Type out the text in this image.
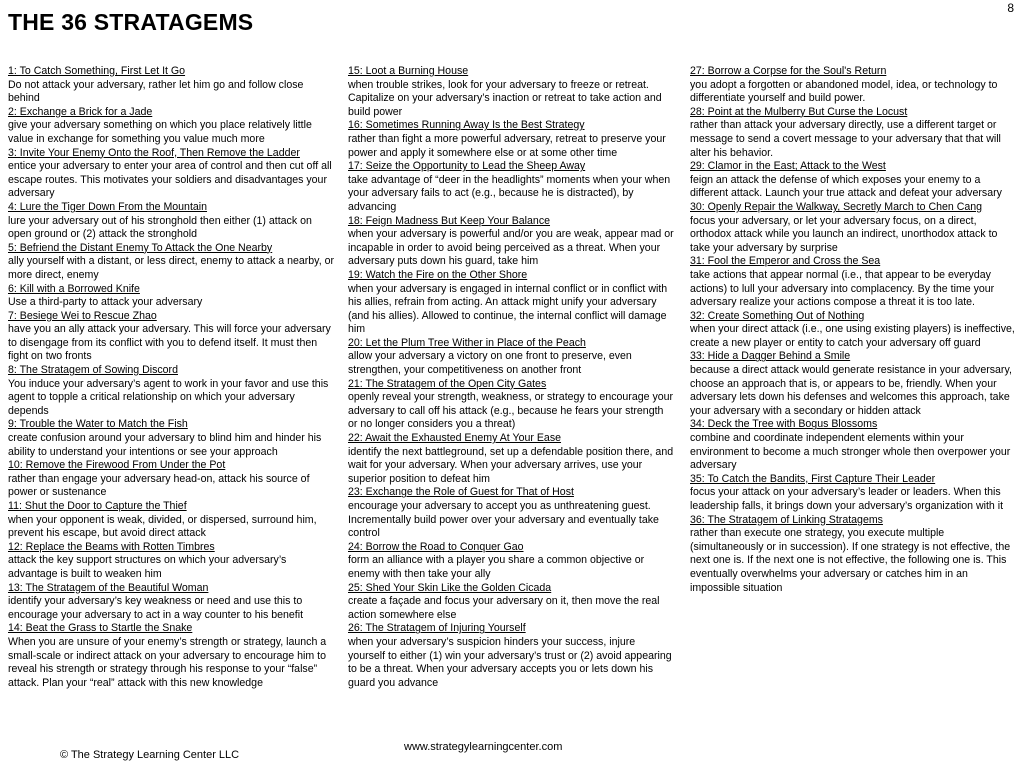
THE 36 STRATAGEMS
8
1: To Catch Something, First Let It Go
Do not attack your adversary, rather let him go and follow close behind
2: Exchange a Brick for a Jade
give your adversary something on which you place relatively little value in exchange for something you value much more
3: Invite Your Enemy Onto the Roof, Then Remove the Ladder
entice your adversary to enter your area of control and then cut off all escape routes. This motivates your soldiers and disadvantages your adversary
4: Lure the Tiger Down From the Mountain
lure your adversary out of his stronghold then either (1) attack on open ground or (2) attack the stronghold
5: Befriend the Distant Enemy To Attack the One Nearby
ally yourself with a distant, or less direct, enemy to attack a nearby, or more direct, enemy
6: Kill with a Borrowed Knife
Use a third-party to attack your adversary
7: Besiege Wei to Rescue Zhao
have you an ally attack your adversary. This will force your adversary to disengage from its conflict with you to defend itself. It must then fight on two fronts
8: The Stratagem of Sowing Discord
You induce your adversary’s agent to work in your favor and use this agent to topple a critical relationship on which your adversary depends
9: Trouble the Water to Match the Fish
create confusion around your adversary to blind him and hinder his ability to understand your intentions or see your approach
10: Remove the Firewood From Under the Pot
rather than engage your adversary head-on, attack his source of power or sustenance
11: Shut the Door to Capture the Thief
when your opponent is weak, divided, or dispersed, surround him, prevent his escape, but avoid direct attack
12: Replace the Beams with Rotten Timbres
attack the key support structures on which your adversary’s advantage is built to weaken him
13: The Stratagem of the Beautiful Woman
identify your adversary’s key weakness or need and use this to encourage your adversary to act in a way counter to his benefit
14: Beat the Grass to Startle the Snake
When you are unsure of your enemy’s strength or strategy, launch a small-scale or indirect attack on your adversary to encourage him to reveal his strength or strategy through his response to your “false” attack. Plan your “real” attack with this new knowledge
15: Loot a Burning House
when trouble strikes, look for your adversary to freeze or retreat. Capitalize on your adversary’s inaction or retreat to take action and build power
16: Sometimes Running Away Is the Best Strategy
rather than fight a more powerful adversary, retreat to preserve your power and apply it somewhere else or at some other time
17: Seize the Opportunity to Lead the Sheep Away
take advantage of “deer in the headlights” moments when your when your adversary fails to act (e.g., because he is distracted), by advancing
18: Feign Madness But Keep Your Balance
when your adversary is powerful and/or you are weak, appear mad or incapable in order to avoid being perceived as a threat. When your adversary puts down his guard, take him
19: Watch the Fire on the Other Shore
when your adversary is engaged in internal conflict or in conflict with his allies, refrain from acting. An attack might unify your adversary (and his allies). Allowed to continue, the internal conflict will damage him
20: Let the Plum Tree Wither in Place of the Peach
allow your adversary a victory on one front to preserve, even strengthen, your competitiveness on another front
21: The Stratagem of the Open City Gates
openly reveal your strength, weakness, or strategy to encourage your adversary to call off his attack (e.g., because he fears your strength or no longer considers you a threat)
22: Await the Exhausted Enemy At Your Ease
identify the next battleground, set up a defendable position there, and wait for your adversary. When your adversary arrives, use your superior position to defeat him
23: Exchange the Role of Guest for That of Host
encourage your adversary to accept you as unthreatening guest. Incrementally build power over your adversary and eventually take control
24: Borrow the Road to Conquer Gao
form an alliance with a player you share a common objective or enemy with then take your ally
25: Shed Your Skin Like the Golden Cicada
create a façade and focus your adversary on it, then move the real action somewhere else
26: The Stratagem of Injuring Yourself
when your adversary’s suspicion hinders your success, injure yourself to either (1) win your adversary’s trust or (2) avoid appearing to be a threat. When your adversary accepts you or lets down his guard you advance
27: Borrow a Corpse for the Soul's Return
you adopt a forgotten or abandoned model, idea, or technology to differentiate yourself and build power.
28: Point at the Mulberry But Curse the Locust
rather than attack your adversary directly, use a different target or message to send a covert message to your adversary that that will alter his behavior.
29: Clamor in the East; Attack to the West
feign an attack the defense of which exposes your enemy to a different attack. Launch your true attack and defeat your adversary
30: Openly Repair the Walkway, Secretly March to Chen Cang
focus your adversary, or let your adversary focus, on a direct, orthodox attack while you launch an indirect, unorthodox attack to take your adversary by surprise
31: Fool the Emperor and Cross the Sea
take actions that appear normal (i.e., that appear to be everyday actions) to lull your adversary into complacency. By the time your adversary realize your actions compose a threat it is too late.
32: Create Something Out of Nothing
when your direct attack (i.e., one using existing players) is ineffective, create a new player or entity to catch your adversary off guard
33: Hide a Dagger Behind a Smile
because a direct attack would generate resistance in your adversary, choose an approach that is, or appears to be, friendly. When your adversary lets down his defenses and welcomes this approach, take your adversary with a secondary or hidden attack
34: Deck the Tree with Bogus Blossoms
combine and coordinate independent elements within your environment to become a much stronger whole then overpower your adversary
35: To Catch the Bandits, First Capture Their Leader
focus your attack on your adversary’s leader or leaders. When this leadership falls, it brings down your adversary’s organization with it
36: The Stratagem of Linking Stratagems
rather than execute one strategy, you execute multiple (simultaneously or in succession). If one strategy is not effective, the next one is. If the next one is not effective, the following one is. This eventually overwhelms your adversary or catches him in an impossible situation
www.strategylearningcenter.com
© The Strategy Learning Center LLC
